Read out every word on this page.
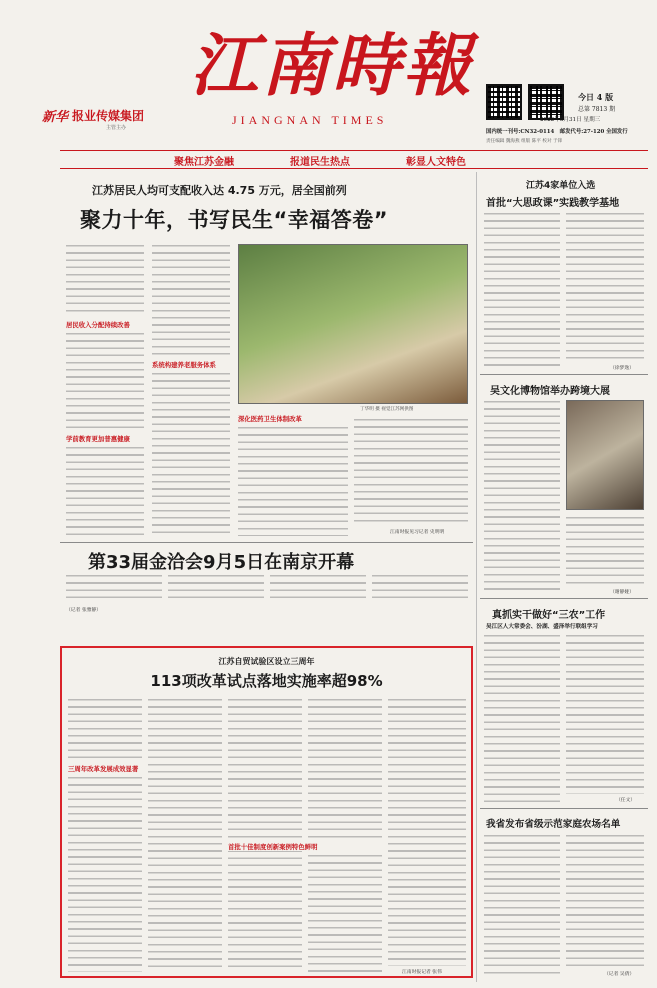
新华 报业传媒集团
主管主办
江南時報
JIANGNAN TIMES
今日 4 版
总第 7813 期
2022年8月31日 星期三
国内统一刊号:CN32-0114　邮发代号:27-120 全国发行
责任编辑 魏海燕 组版 陈平 校对 于锋
聚焦江苏金融	报道民生热点	彰显人文特色
江苏居民人均可支配收入达 4.75 万元，居全国前列
聚力十年，书写民生“幸福答卷”
居民收入分配持续改善
学前教育更加普惠健康
系统构建养老服务体系
丁华明 摄 视觉江苏网供图
深化医药卫生体制改革
江南时报见习记者 史明明
第33届金洽会9月5日在南京开幕
（记者 张雅静）
江苏自贸试验区设立三周年
113项改革试点落地实施率超98%
三周年改革发展成效显著
首批十佳制度创新案例特色鲜明
江南时报记者 张伟
江苏4家单位入选
首批“大思政课”实践教学基地
（徐梦逸）
吴文化博物馆举办跨境大展
（谢静娅）
真抓实干做好“三农”工作
吴江区人大常委会、汾湖、盛泽举行联组学习
（任文）
我省发布省级示范家庭农场名单
（记者 吴倩）
